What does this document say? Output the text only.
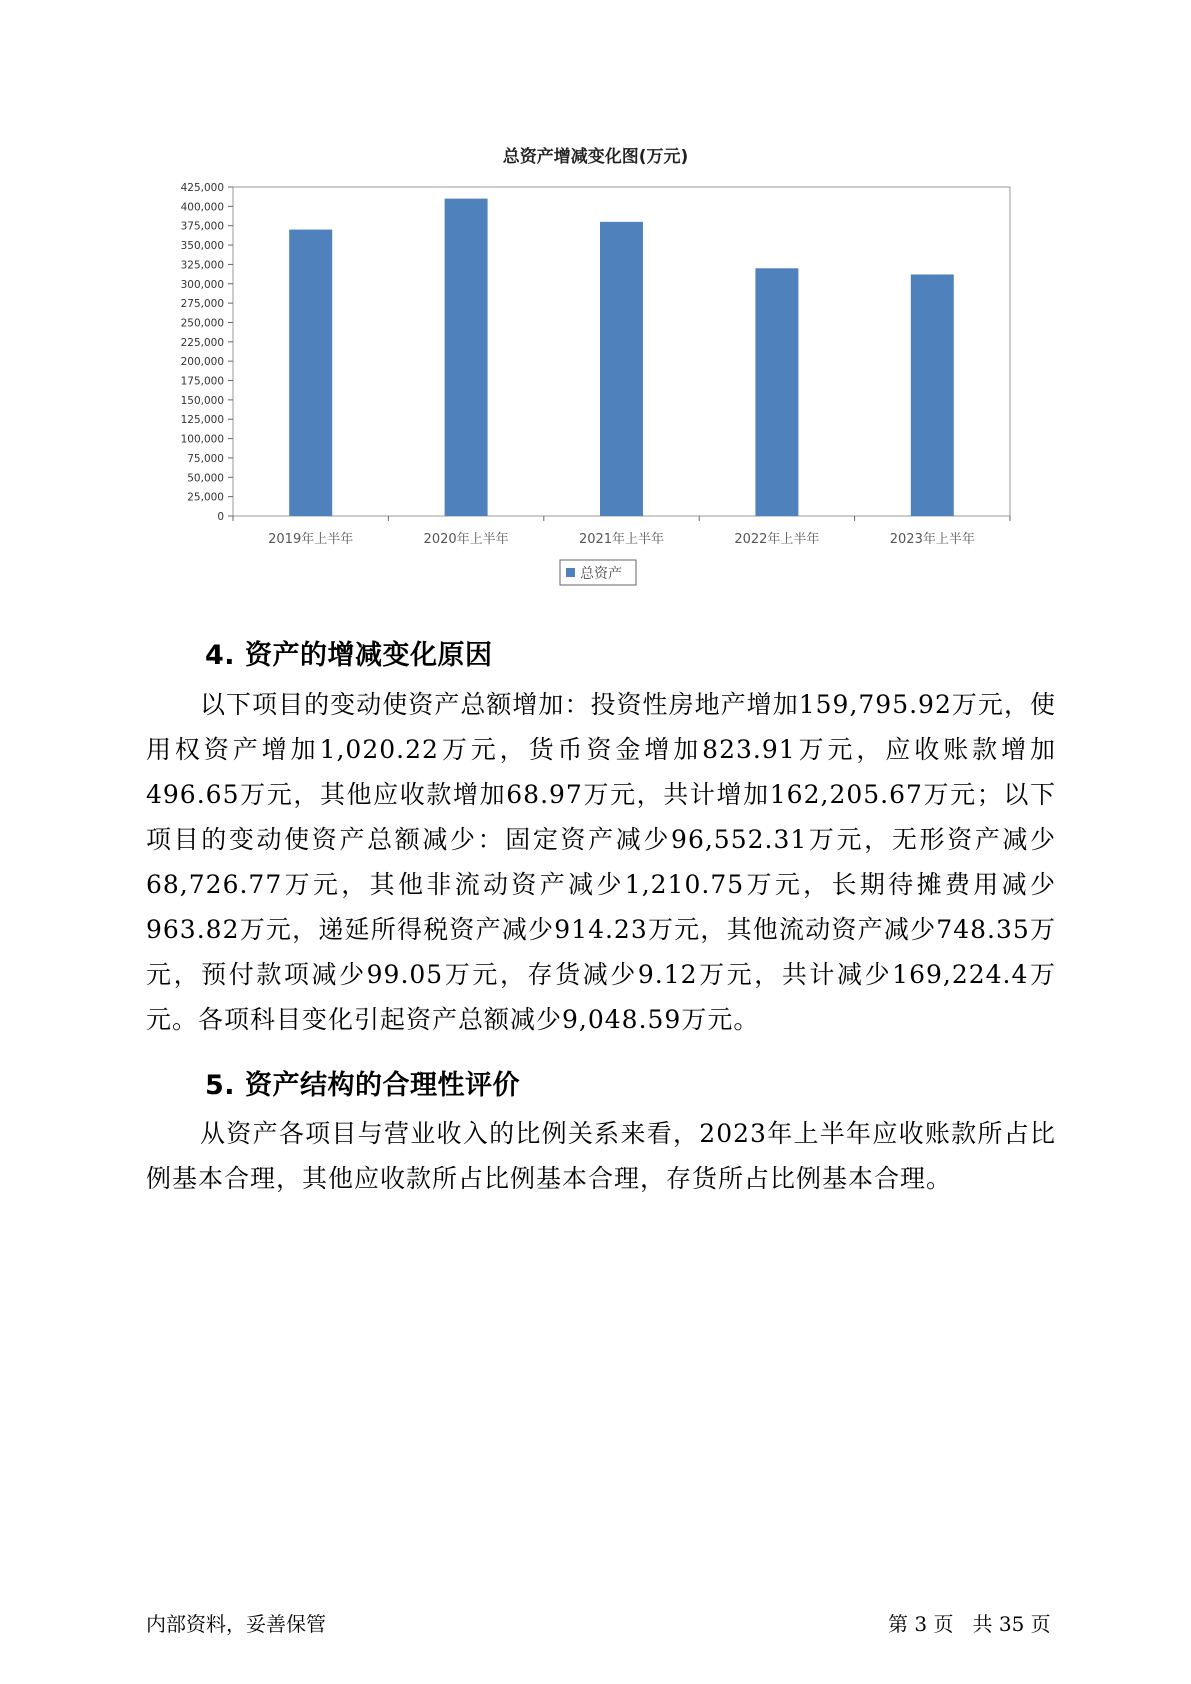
总资产增减变化图(万元)
0
25,000
50,000
75,000
100,000
125,000
150,000
175,000
200,000
225,000
250,000
275,000
300,000
325,000
350,000
375,000
400,000
425,000
2019年上半年	2020年上半年	2021年上半年	2022年上半年	2023年上半年
总资产
4. 资产的增减变化原因

以下项目的变动使资产总额增加：投资性房地产增加159,795.92万元，使用权资产增加1,020.22万元，货币资金增加823.91万元，应收账款增加496.65万元，其他应收款增加68.97万元，共计增加162,205.67万元；以下项目的变动使资产总额减少：固定资产减少96,552.31万元，无形资产减少68,726.77万元，其他非流动资产减少1,210.75万元，长期待摊费用减少963.82万元，递延所得税资产减少914.23万元，其他流动资产减少748.35万元，预付款项减少99.05万元，存货减少9.12万元，共计减少169,224.4万元。各项科目变化引起资产总额减少9,048.59万元。

5. 资产结构的合理性评价

从资产各项目与营业收入的比例关系来看，2023年上半年应收账款所占比例基本合理，其他应收款所占比例基本合理，存货所占比例基本合理。

内部资料，妥善保管	第 3 页   共 35 页
